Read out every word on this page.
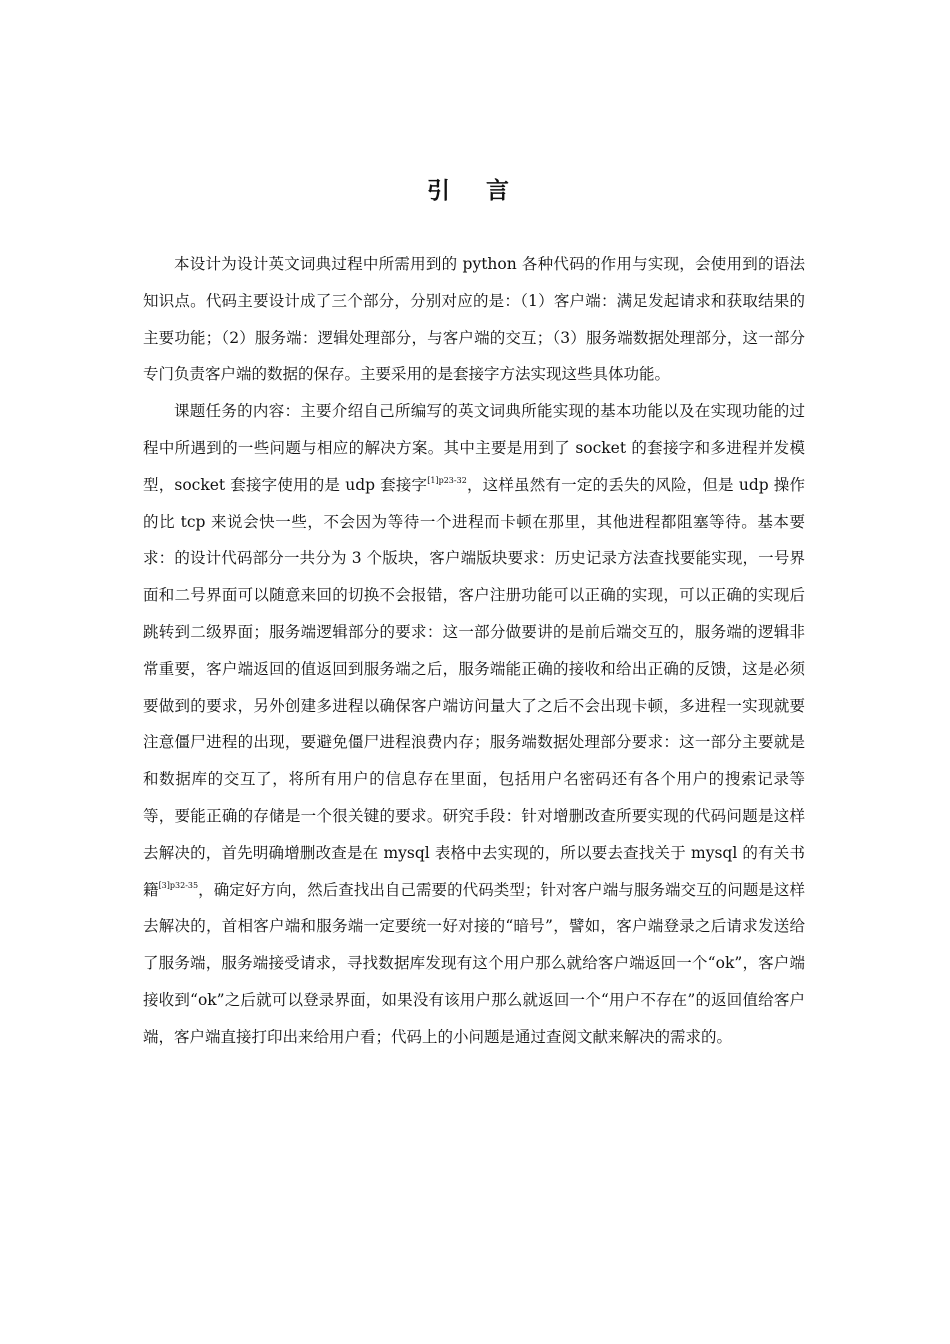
引 言

本设计为设计英文词典过程中所需用到的 python 各种代码的作用与实现，会使用到的语法知识点。代码主要设计成了三个部分，分别对应的是：（1）客户端：满足发起请求和获取结果的主要功能；（2）服务端：逻辑处理部分，与客户端的交互；（3）服务端数据处理部分，这一部分专门负责客户端的数据的保存。主要采用的是套接字方法实现这些具体功能。

课题任务的内容：主要介绍自己所编写的英文词典所能实现的基本功能以及在实现功能的过程中所遇到的一些问题与相应的解决方案。其中主要是用到了 socket 的套接字和多进程并发模型，socket 套接字使用的是 udp 套接字$^{[1]p23-32}$，这样虽然有一定的丢失的风险，但是 udp 操作的比 tcp 来说会快一些，不会因为等待一个进程而卡顿在那里，其他进程都阻塞等待。基本要求：的设计代码部分一共分为 3 个版块，客户端版块要求：历史记录方法查找要能实现，一号界面和二号界面可以随意来回的切换不会报错，客户注册功能可以正确的实现，可以正确的实现后跳转到二级界面；服务端逻辑部分的要求：这一部分做要讲的是前后端交互的，服务端的逻辑非常重要，客户端返回的值返回到服务端之后，服务端能正确的接收和给出正确的反馈，这是必须要做到的要求，另外创建多进程以确保客户端访问量大了之后不会出现卡顿，多进程一实现就要注意僵尸进程的出现，要避免僵尸进程浪费内存；服务端数据处理部分要求：这一部分主要就是和数据库的交互了，将所有用户的信息存在里面，包括用户名密码还有各个用户的搜索记录等等，要能正确的存储是一个很关键的要求。研究手段：针对增删改查所要实现的代码问题是这样去解决的，首先明确增删改查是在 mysql 表格中去实现的，所以要去查找关于 mysql 的有关书籍$^{[3]p32-35}$，确定好方向，然后查找出自己需要的代码类型；针对客户端与服务端交互的问题是这样去解决的，首相客户端和服务端一定要统一好对接的“暗号”，譬如，客户端登录之后请求发送给了服务端，服务端接受请求，寻找数据库发现有这个用户那么就给客户端返回一个“ok”，客户端接收到“ok”之后就可以登录界面，如果没有该用户那么就返回一个“用户不存在”的返回值给客户端，客户端直接打印出来给用户看；代码上的小问题是通过查阅文献来解决的需求的。
